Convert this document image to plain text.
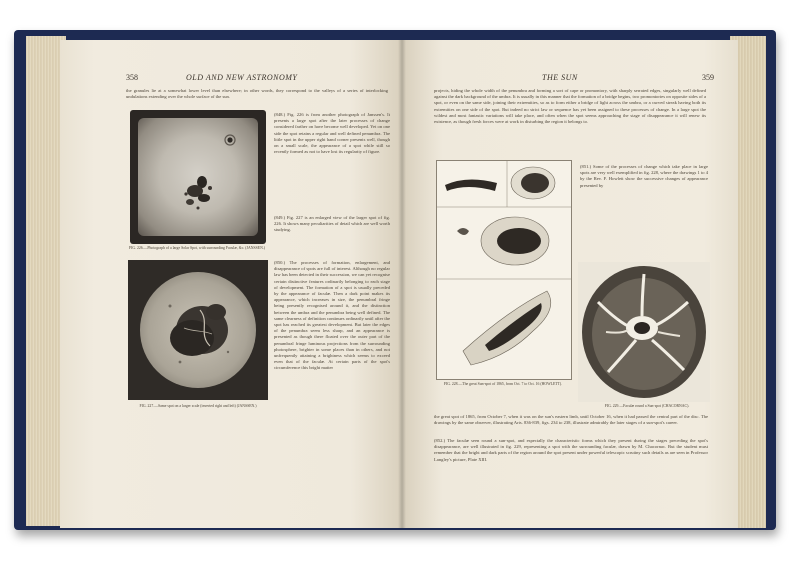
358	OLD AND NEW ASTRONOMY
the granules lie at a somewhat lower level than elsewhere; in other words, they correspond to the valleys of a series of interlocking undulations extending over the whole surface of the sun.
FIG. 226.—Photograph of a large Solar Spot, with surrounding Faculæ, &c. (JANSSEN.)
(848.) Fig. 226 is from another photograph of Janssen's. It presents a large spot after the later processes of change considered farther on have become well developed. Yet on one side the spot retains a regular and well defined penumbra. The little spot in the upper right hand corner presents well, though on a small scale, the appearance of a spot while still so recently formed as not to have lost its regularity of figure.
(849.) Fig. 227 is an enlarged view of the larger spot of fig. 226. It shows many peculiarities of detail which are well worth studying.
FIG. 227.—Same spot on a larger scale (inverted right and left) (JANSSEN.)
(850.) The processes of formation, enlargement, and disappearance of spots are full of interest. Although no regular law has been detected in their succession, we can yet recognise certain distinctive features ordinarily belonging to each stage of development. The formation of a spot is usually preceded by the appearance of faculæ. Then a dark point makes its appearance, which increases in size, the penumbral fringe being presently recognised around it, and the distinction between the umbra and the penumbra being well defined. The same clearness of definition continues ordinarily until after the spot has reached its greatest development. But later the edges of the penumbra seem less sharp, and an appearance is presented as though there floated over the outer part of the penumbral fringe luminous projections from the surrounding photosphere, brighter in some places than in others, and not unfrequently attaining a brightness which seems to exceed even that of the faculæ. At certain parts of the spot's circumference this bright matter
THE SUN	359
projects, hiding the whole width of the penumbra and forming a sort of cape or promontory, with sharply serrated edges, singularly well defined against the dark background of the umbra. It is usually in this manner that the formation of a bridge begins, two promontories on opposite sides of a spot, or even on the same side, joining their extremities, so as to form either a bridge of light across the umbra, or a curved streak having both its extremities on one side of the spot. But indeed no strict law or sequence has yet been assigned to these processes of change. In a large spot the wildest and most fantastic variations will take place, and often when the spot seems approaching the stage of disappearance it will renew its existence, as though fresh forces were at work in disturbing the region it belongs to.
FIG. 228.—The great Sun-spot of 1865, from Oct. 7 to Oct. 16 (HOWLETT).
(851.) Some of the processes of change which take place in large spots are very well exemplified in fig. 228, where the drawings 1 to 4 by the Rev. F. Howlett show the successive changes of appearance presented by
FIG. 229.—Faculæ round a Sun-spot (CHACORNAC).
the great spot of 1865, from October 7, when it was on the sun's eastern limb, until October 16, when it had passed the central part of the disc. The drawings by the same observer, illustrating Arts. 836-839, figs. 234 to 238, illustrate admirably the later stages of a sun-spot's career.
(852.) The faculæ seen round a sun-spot, and especially the characteristic forms which they present during the stages preceding the spot's disappearance, are well illustrated in fig. 229, representing a spot with the surrounding faculæ, drawn by M. Chacornac. But the student must remember that the bright and dark parts of the region around the spot present under powerful telescopic scrutiny such details as are seen in Professor Langley's picture, Plate XIII.
